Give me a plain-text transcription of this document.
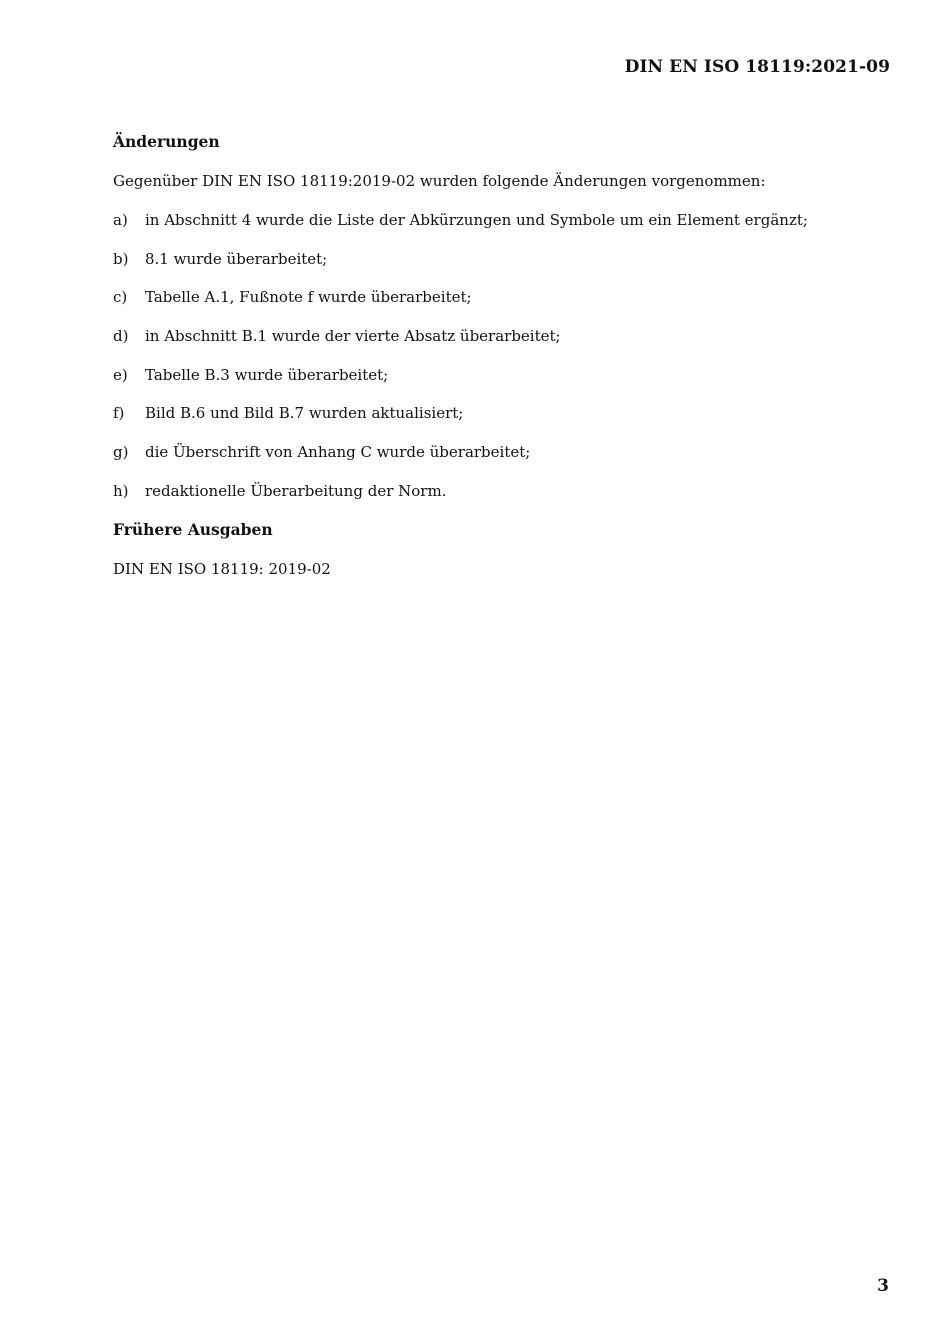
DIN EN ISO 18119:2021-09

Änderungen

Gegenüber DIN EN ISO 18119:2019-02 wurden folgende Änderungen vorgenommen:

a)	in Abschnitt 4 wurde die Liste der Abkürzungen und Symbole um ein Element ergänzt;
b)	8.1 wurde überarbeitet;
c)	Tabelle A.1, Fußnote f wurde überarbeitet;
d)	in Abschnitt B.1 wurde der vierte Absatz überarbeitet;
e)	Tabelle B.3 wurde überarbeitet;
f)	Bild B.6 und Bild B.7 wurden aktualisiert;
g)	die Überschrift von Anhang C wurde überarbeitet;
h)	redaktionelle Überarbeitung der Norm.

Frühere Ausgaben

DIN EN ISO 18119: 2019-02

3
